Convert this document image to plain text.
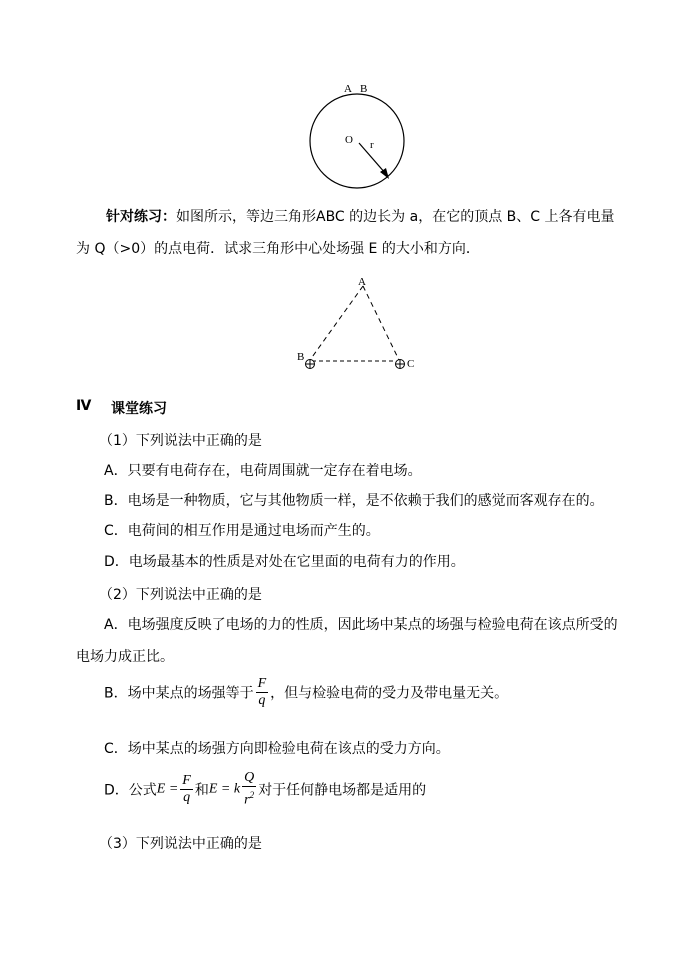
A B
O r
针对练习：如图所示，等边三角形ABC 的边长为 a，在它的顶点 B、C 上各有电量
为 Q（>0）的点电荷．试求三角形中心处场强 E 的大小和方向．
A
B
C
Ⅳ 课堂练习
（1）下列说法中正确的是
A．只要有电荷存在，电荷周围就一定存在着电场。
B．电场是一种物质，它与其他物质一样，是不依赖于我们的感觉而客观存在的。
C．电荷间的相互作用是通过电场而产生的。
D．电场最基本的性质是对处在它里面的电荷有力的作用。
（2）下列说法中正确的是
A．电场强度反映了电场的力的性质，因此场中某点的场强与检验电荷在该点所受的
电场力成正比。
B．场中某点的场强等于 $\frac{F}{q}$ ，但与检验电荷的受力及带电量无关。
C．场中某点的场强方向即检验电荷在该点的受力方向。
D．公式$E = \frac{F}{q}$ 和E = k $\frac{Q}{r^2}$ 对于任何静电场都是适用的
（3）下列说法中正确的是
